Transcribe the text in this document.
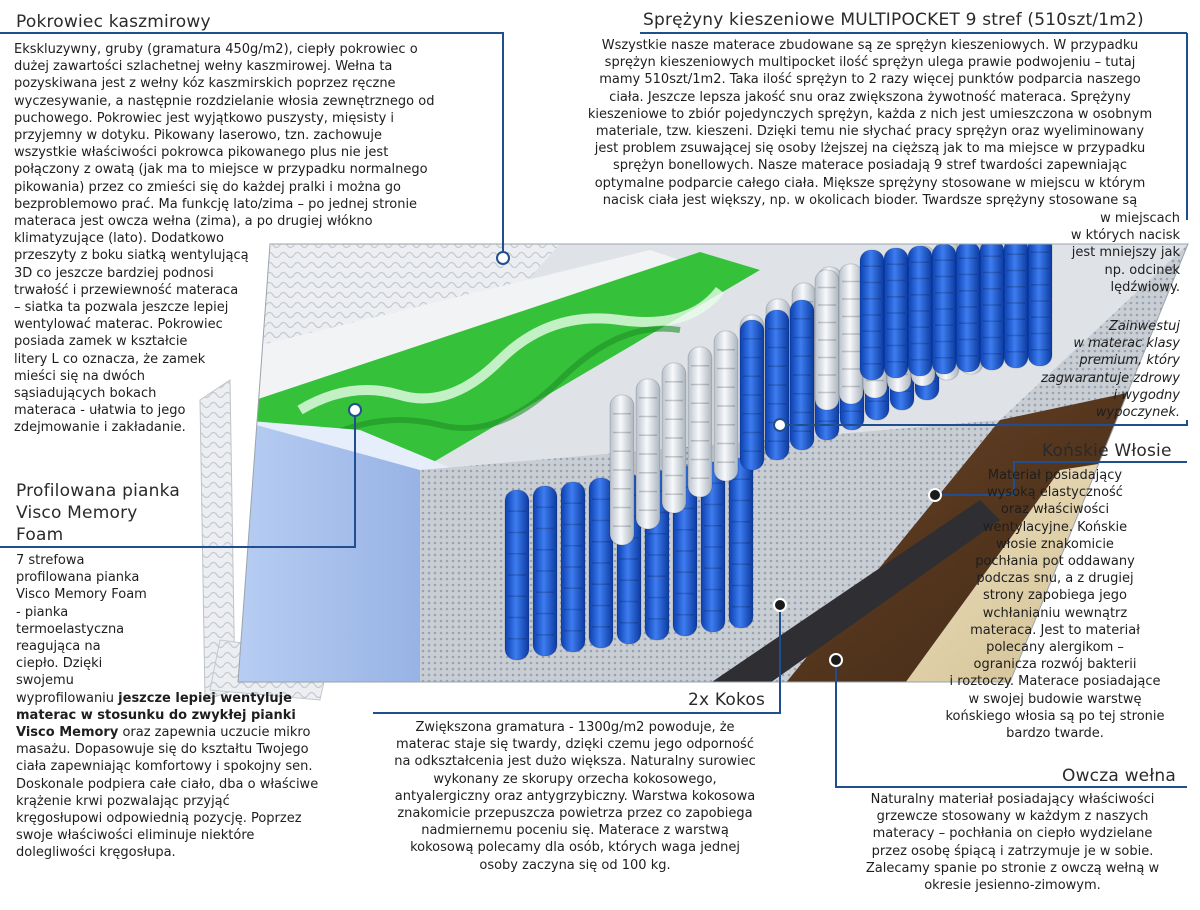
Pokrowiec kaszmirowy
Ekskluzywny, gruby (gramatura 450g/m2), ciepły pokrowiec o
dużej zawartości szlachetnej wełny kaszmirowej. Wełna ta
pozyskiwana jest z wełny kóz kaszmirskich poprzez ręczne
wyczesywanie, a następnie rozdzielanie włosia zewnętrznego od
puchowego. Pokrowiec jest wyjątkowo puszysty, mięsisty i
przyjemny w dotyku. Pikowany laserowo, tzn. zachowuje
wszystkie właściwości pokrowca pikowanego plus nie jest
połączony z owatą (jak ma to miejsce w przypadku normalnego
pikowania) przez co zmieści się do każdej pralki i można go
bezproblemowo prać. Ma funkcję lato/zima – po jednej stronie
materaca jest owcza wełna (zima), a po drugiej włókno
klimatyzujące (lato). Dodatkowo
przeszyty z boku siatką wentylującą
3D co jeszcze bardziej podnosi
trwałość i przewiewność materaca
– siatka ta pozwala jeszcze lepiej
wentylować materac. Pokrowiec
posiada zamek w kształcie
litery L co oznacza, że zamek
mieści się na dwóch
sąsiadujących bokach
materaca - ułatwia to jego
zdejmowanie i zakładanie.
Sprężyny kieszeniowe MULTIPOCKET 9 stref (510szt/1m2)
Wszystkie nasze materace zbudowane są ze sprężyn kieszeniowych. W przypadku
sprężyn kieszeniowych multipocket ilość sprężyn ulega prawie podwojeniu – tutaj
mamy 510szt/1m2. Taka ilość sprężyn to 2 razy więcej punktów podparcia naszego
ciała. Jeszcze lepsza jakość snu oraz zwiększona żywotność materaca. Sprężyny
kieszeniowe to zbiór pojedynczych sprężyn, każda z nich jest umieszczona w osobnym
materiale, tzw. kieszeni. Dzięki temu nie słychać pracy sprężyn oraz wyeliminowany
jest problem zsuwającej się osoby lżejszej na cięższą jak to ma miejsce w przypadku
sprężyn bonellowych. Nasze materace posiadają 9 stref twardości zapewniając
optymalne podparcie całego ciała. Miększe sprężyny stosowane w miejscu w którym
nacisk ciała jest większy, np. w okolicach bioder. Twardsze sprężyny stosowane są
w miejscach
w których nacisk
jest mniejszy jak
np. odcinek
lędźwiowy.
Zainwestuj
w materac klasy
premium, który
zagwarantuje zdrowy
i wygodny
wypoczynek.
Końskie Włosie
Materiał posiadający
wysoką elastyczność
oraz właściwości
wentylacyjne. Końskie
włosie znakomicie
pochłania pot oddawany
podczas snu, a z drugiej
strony zapobiega jego
wchłanianiu wewnątrz
materaca. Jest to materiał
polecany alergikom –
ogranicza rozwój bakterii
i roztoczy. Materace posiadające
w swojej budowie warstwę
końskiego włosia są po tej stronie
bardzo twarde.
Profilowana pianka
Viscо Memory
Foam
7 strefowa
profilowana pianka
Visco Memory Foam
- pianka
termoelastyczna
reagująca na
ciepło. Dzięki
swojemu
wyprofilowaniu jeszcze lepiej wentyluje
materac w stosunku do zwykłej pianki
Visco Memory oraz zapewnia uczucie mikro
masażu. Dopasowuje się do kształtu Twojego
ciała zapewniając komfortowy i spokojny sen.
Doskonale podpiera całe ciało, dba o właściwe
krążenie krwi pozwalając przyjąć
kręgosłupowi odpowiednią pozycję. Poprzez
swoje właściwości eliminuje niektóre
dolegliwości kręgosłupa.
2x Kokos
Zwiększona gramatura - 1300g/m2 powoduje, że
materac staje się twardy, dzięki czemu jego odporność
na odkształcenia jest dużo większa. Naturalny surowiec
wykonany ze skorupy orzecha kokosowego,
antyalergiczny oraz antygrzybiczny. Warstwa kokosowa
znakomicie przepuszcza powietrza przez co zapobiega
nadmiernemu poceniu się. Materace z warstwą
kokosową polecamy dla osób, których waga jednej
osoby zaczyna się od 100 kg.
Owcza wełna
Naturalny materiał posiadający właściwości
grzewcze stosowany w każdym z naszych
materacy – pochłania on ciepło wydzielane
przez osobę śpiącą i zatrzymuje je w sobie.
Zalecamy spanie po stronie z owczą wełną w
okresie jesienno-zimowym.
